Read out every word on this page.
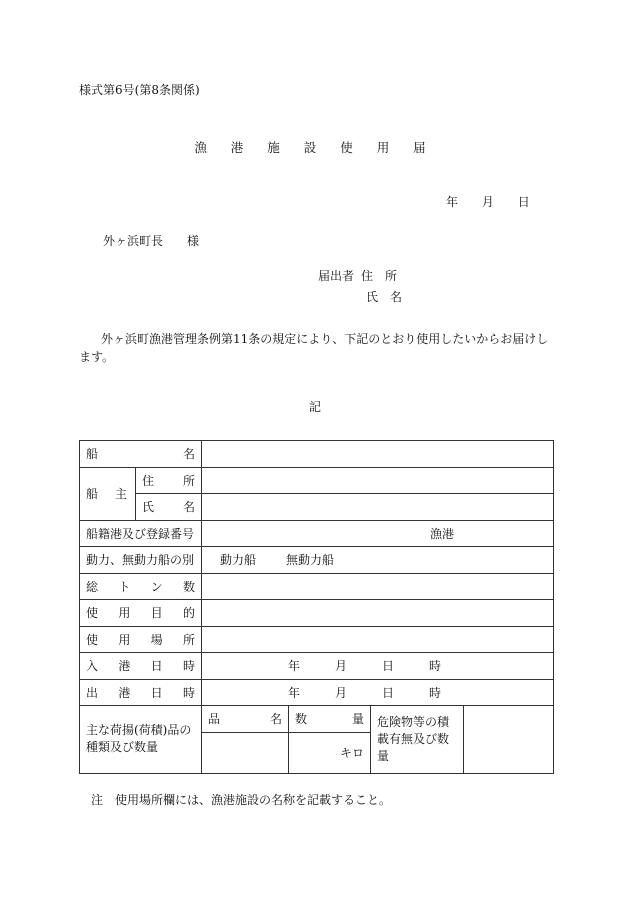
様式第6号(第8条関係)
漁 港 施 設 使 用 届
年 月 日
外ヶ浜町長 様
届出者 住　所
氏　名
外ヶ浜町漁港管理条例第11条の規定により、下記のとおり使用したいからお届けします。
記
船 名					

船 主	住 所				

	氏 名				

船籍港及び登録番号		漁港			
動力、無動力船の別		動力船 無動力船			

総 ト ン 数					

使 用 目 的					

使 用 場 所					

入 港 日 時		年 月 日 時			

出 港 日 時		年 月 日 時			

主な荷揚(荷積)品の種類及び数量		品 名	数 量	危険物等の積載有無及び数量	
			キロ		
注　使用場所欄には、漁港施設の名称を記載すること。
